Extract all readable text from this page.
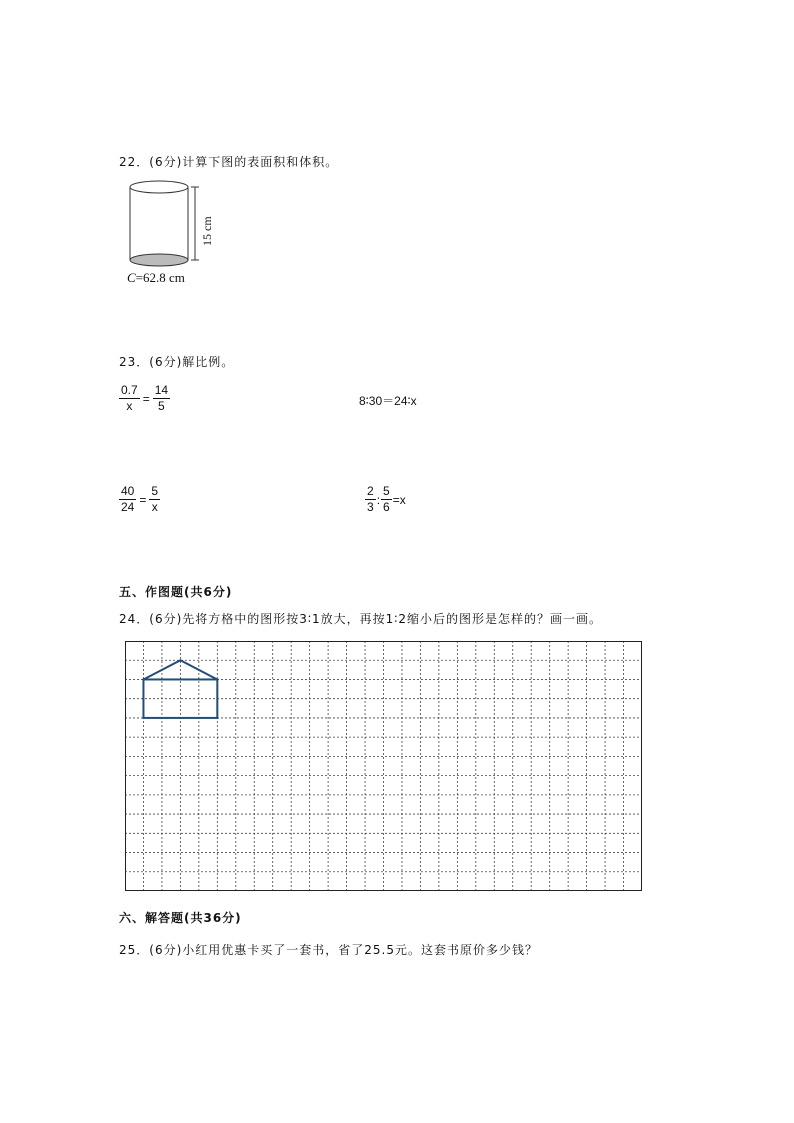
22．(6分)计算下图的表面积和体积。
15 cm
C=62.8 cm
23．(6分)解比例。
$\frac{0.7}{x} = \frac{14}{5}$	8∶30＝24∶x
$\frac{40}{24} = \frac{5}{x}$	$\frac{2}{3}$ : $\frac{5}{6} =x$
五、作图题(共6分)
24．(6分)先将方格中的图形按3∶1放大，再按1∶2缩小后的图形是怎样的？画一画。
六、解答题(共36分)
25．(6分)小红用优惠卡买了一套书，省了25.5元。这套书原价多少钱？
